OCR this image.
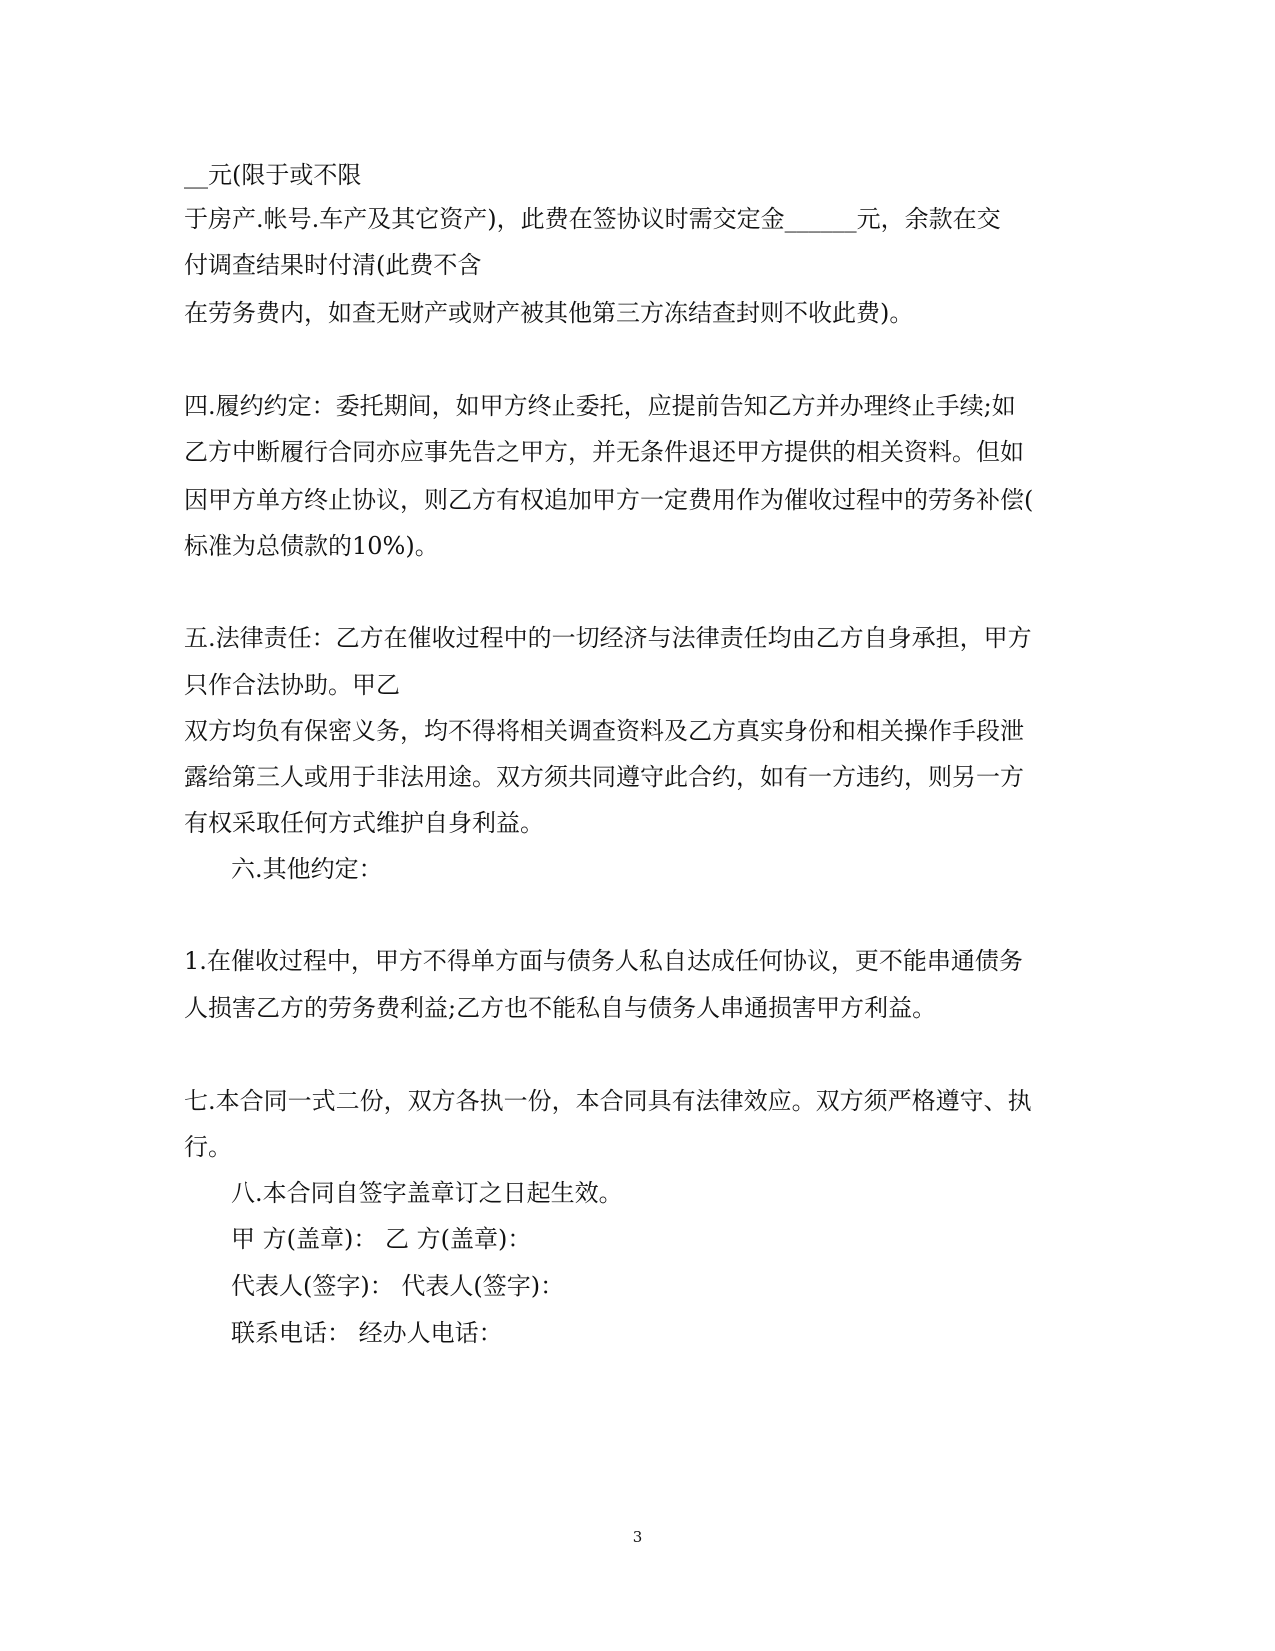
__元(限于或不限
于房产.帐号.车产及其它资产)，此费在签协议时需交定金______元，余款在交
付调查结果时付清(此费不含
在劳务费内，如查无财产或财产被其他第三方冻结查封则不收此费)。
四.履约约定：委托期间，如甲方终止委托，应提前告知乙方并办理终止手续;如
乙方中断履行合同亦应事先告之甲方，并无条件退还甲方提供的相关资料。但如
因甲方单方终止协议，则乙方有权追加甲方一定费用作为催收过程中的劳务补偿(
标准为总债款的10%)。
五.法律责任：乙方在催收过程中的一切经济与法律责任均由乙方自身承担，甲方
只作合法协助。甲乙
双方均负有保密义务，均不得将相关调查资料及乙方真实身份和相关操作手段泄
露给第三人或用于非法用途。双方须共同遵守此合约，如有一方违约，则另一方
有权采取任何方式维护自身利益。
六.其他约定：
1.在催收过程中，甲方不得单方面与债务人私自达成任何协议，更不能串通债务
人损害乙方的劳务费利益;乙方也不能私自与债务人串通损害甲方利益。
七.本合同一式二份，双方各执一份，本合同具有法律效应。双方须严格遵守、执
行。
八.本合同自签字盖章订之日起生效。
甲 方(盖章)： 乙 方(盖章)：
代表人(签字)： 代表人(签字)：
联系电话： 经办人电话：
3
